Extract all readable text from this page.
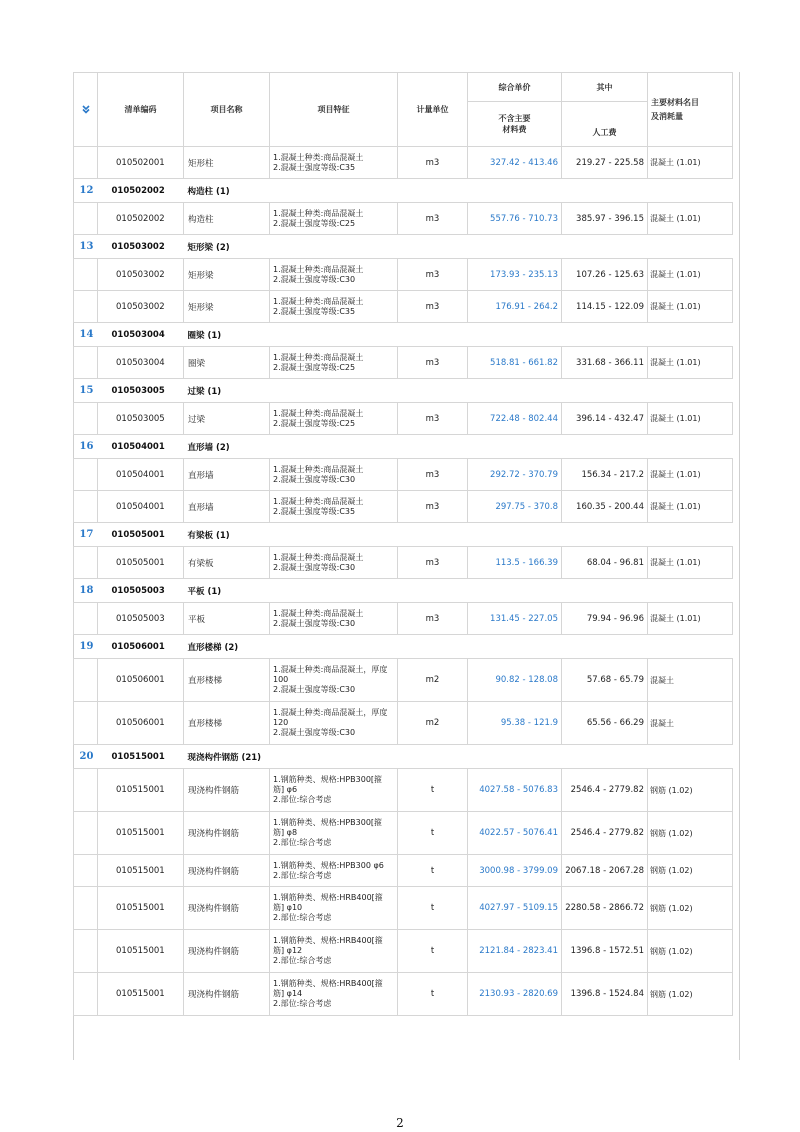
	清单编码	项目名称	项目特征	计量单位	综合单价	其中	主要材料名目
及消耗量
					不含主要
材料费	人工费	
	010502001	矩形柱	1.混凝土种类:商品混凝土
2.混凝土强度等级:C35	m3	327.42 - 413.46	219.27 - 225.58	混凝土 (1.01)
12	010502002	构造柱 (1)					
	010502002	构造柱	1.混凝土种类:商品混凝土
2.混凝土强度等级:C25	m3	557.76 - 710.73	385.97 - 396.15	混凝土 (1.01)
13	010503002	矩形梁 (2)					
	010503002	矩形梁	1.混凝土种类:商品混凝土
2.混凝土强度等级:C30	m3	173.93 - 235.13	107.26 - 125.63	混凝土 (1.01)
	010503002	矩形梁	1.混凝土种类:商品混凝土
2.混凝土强度等级:C35	m3	176.91 - 264.2	114.15 - 122.09	混凝土 (1.01)
14	010503004	圈梁 (1)					
	010503004	圈梁	1.混凝土种类:商品混凝土
2.混凝土强度等级:C25	m3	518.81 - 661.82	331.68 - 366.11	混凝土 (1.01)
15	010503005	过梁 (1)					
	010503005	过梁	1.混凝土种类:商品混凝土
2.混凝土强度等级:C25	m3	722.48 - 802.44	396.14 - 432.47	混凝土 (1.01)
16	010504001	直形墙 (2)					
	010504001	直形墙	1.混凝土种类:商品混凝土
2.混凝土强度等级:C30	m3	292.72 - 370.79	156.34 - 217.2	混凝土 (1.01)
	010504001	直形墙	1.混凝土种类:商品混凝土
2.混凝土强度等级:C35	m3	297.75 - 370.8	160.35 - 200.44	混凝土 (1.01)
17	010505001	有梁板 (1)					
	010505001	有梁板	1.混凝土种类:商品混凝土
2.混凝土强度等级:C30	m3	113.5 - 166.39	68.04 - 96.81	混凝土 (1.01)
18	010505003	平板 (1)					
	010505003	平板	1.混凝土种类:商品混凝土
2.混凝土强度等级:C30	m3	131.45 - 227.05	79.94 - 96.96	混凝土 (1.01)
19	010506001	直形楼梯 (2)					
	010506001	直形楼梯	1.混凝土种类:商品混凝土，厚度
100
2.混凝土强度等级:C30	m2	90.82 - 128.08	57.68 - 65.79	混凝土
	010506001	直形楼梯	1.混凝土种类:商品混凝土，厚度
120
2.混凝土强度等级:C30	m2	95.38 - 121.9	65.56 - 66.29	混凝土
20	010515001	现浇构件钢筋 (21)					
	010515001	现浇构件钢筋	1.钢筋种类、规格:HPB300[箍
筋] φ6
2.部位:综合考虑	t	4027.58 - 5076.83	2546.4 - 2779.82	钢筋 (1.02)
	010515001	现浇构件钢筋	1.钢筋种类、规格:HPB300[箍
筋] φ8
2.部位:综合考虑	t	4022.57 - 5076.41	2546.4 - 2779.82	钢筋 (1.02)
	010515001	现浇构件钢筋	1.钢筋种类、规格:HPB300 φ6
2.部位:综合考虑	t	3000.98 - 3799.09	2067.18 - 2067.28	钢筋 (1.02)
	010515001	现浇构件钢筋	1.钢筋种类、规格:HRB400[箍
筋] φ10
2.部位:综合考虑	t	4027.97 - 5109.15	2280.58 - 2866.72	钢筋 (1.02)
	010515001	现浇构件钢筋	1.钢筋种类、规格:HRB400[箍
筋] φ12
2.部位:综合考虑	t	2121.84 - 2823.41	1396.8 - 1572.51	钢筋 (1.02)
	010515001	现浇构件钢筋	1.钢筋种类、规格:HRB400[箍
筋] φ14
2.部位:综合考虑	t	2130.93 - 2820.69	1396.8 - 1524.84	钢筋 (1.02)
2
